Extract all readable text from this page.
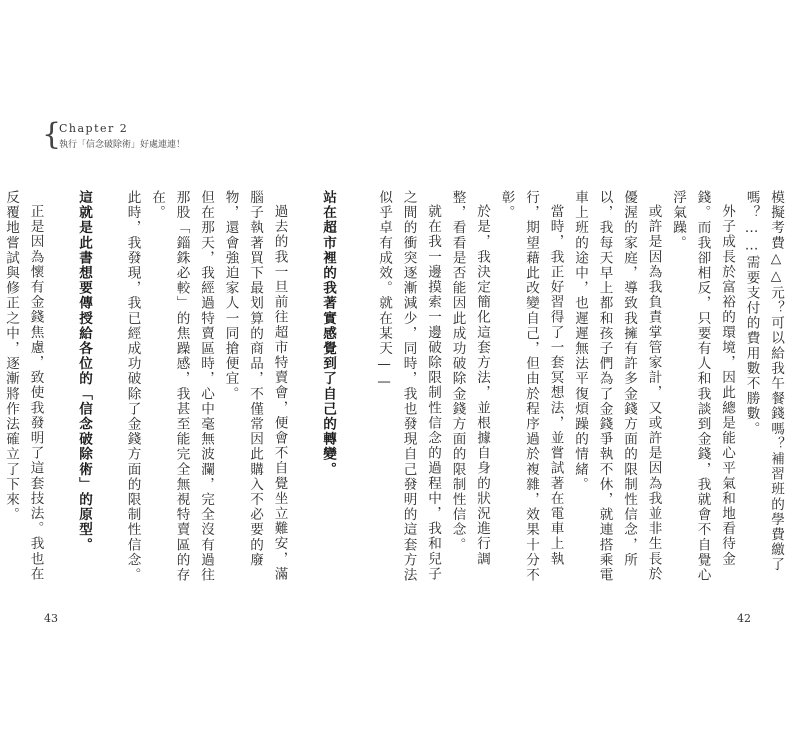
{
Chapter 2
執行「信念破除術」好處連連！

站在超市裡的我著實感覺到了自己的轉變。

過去的我一旦前往超市特賣會，便會不自覺坐立難安，滿腦子執著買下最划算的商品，不僅常因此購入不必要的廢物，還會強迫家人一同搶便宜。

但在那天，我經過特賣區時，心中毫無波瀾，完全沒有過往那股「錙銖必較」的焦躁感，我甚至能完全無視特賣區的存在。

此時，我發現，我已經成功破除了金錢方面的限制性信念。

這就是此書想要傳授給各位的「信念破除術」的原型。

正是因為懷有金錢焦慮，致使我發明了這套技法。我也在反覆地嘗試與修正之中，逐漸將作法確立了下來。

43	42

模擬考費△△元？可以給我午餐錢嗎？補習班的學費繳了嗎？……需要支付的費用數不勝數。

外子成長於富裕的環境，因此總是能心平氣和地看待金錢。而我卻相反，只要有人和我談到金錢，我就會不自覺心浮氣躁。

或許是因為我負責掌管家計，又或許是因為我並非生長於優渥的家庭，導致我擁有許多金錢方面的限制性信念，所以，我每天早上都和孩子們為了金錢爭執不休，就連搭乘電車上班的途中，也遲遲無法平復煩躁的情緒。

當時，我正好習得了一套冥想法，並嘗試著在電車上執行，期望藉此改變自己，但由於程序過於複雜，效果十分不彰。

於是，我決定簡化這套方法，並根據自身的狀況進行調整，看看是否能因此成功破除金錢方面的限制性信念。

就在我一邊摸索一邊破除限制性信念的過程中，我和兒子之間的衝突逐漸減少，同時，我也發現自己發明的這套方法似乎卓有成效。就在某天——
